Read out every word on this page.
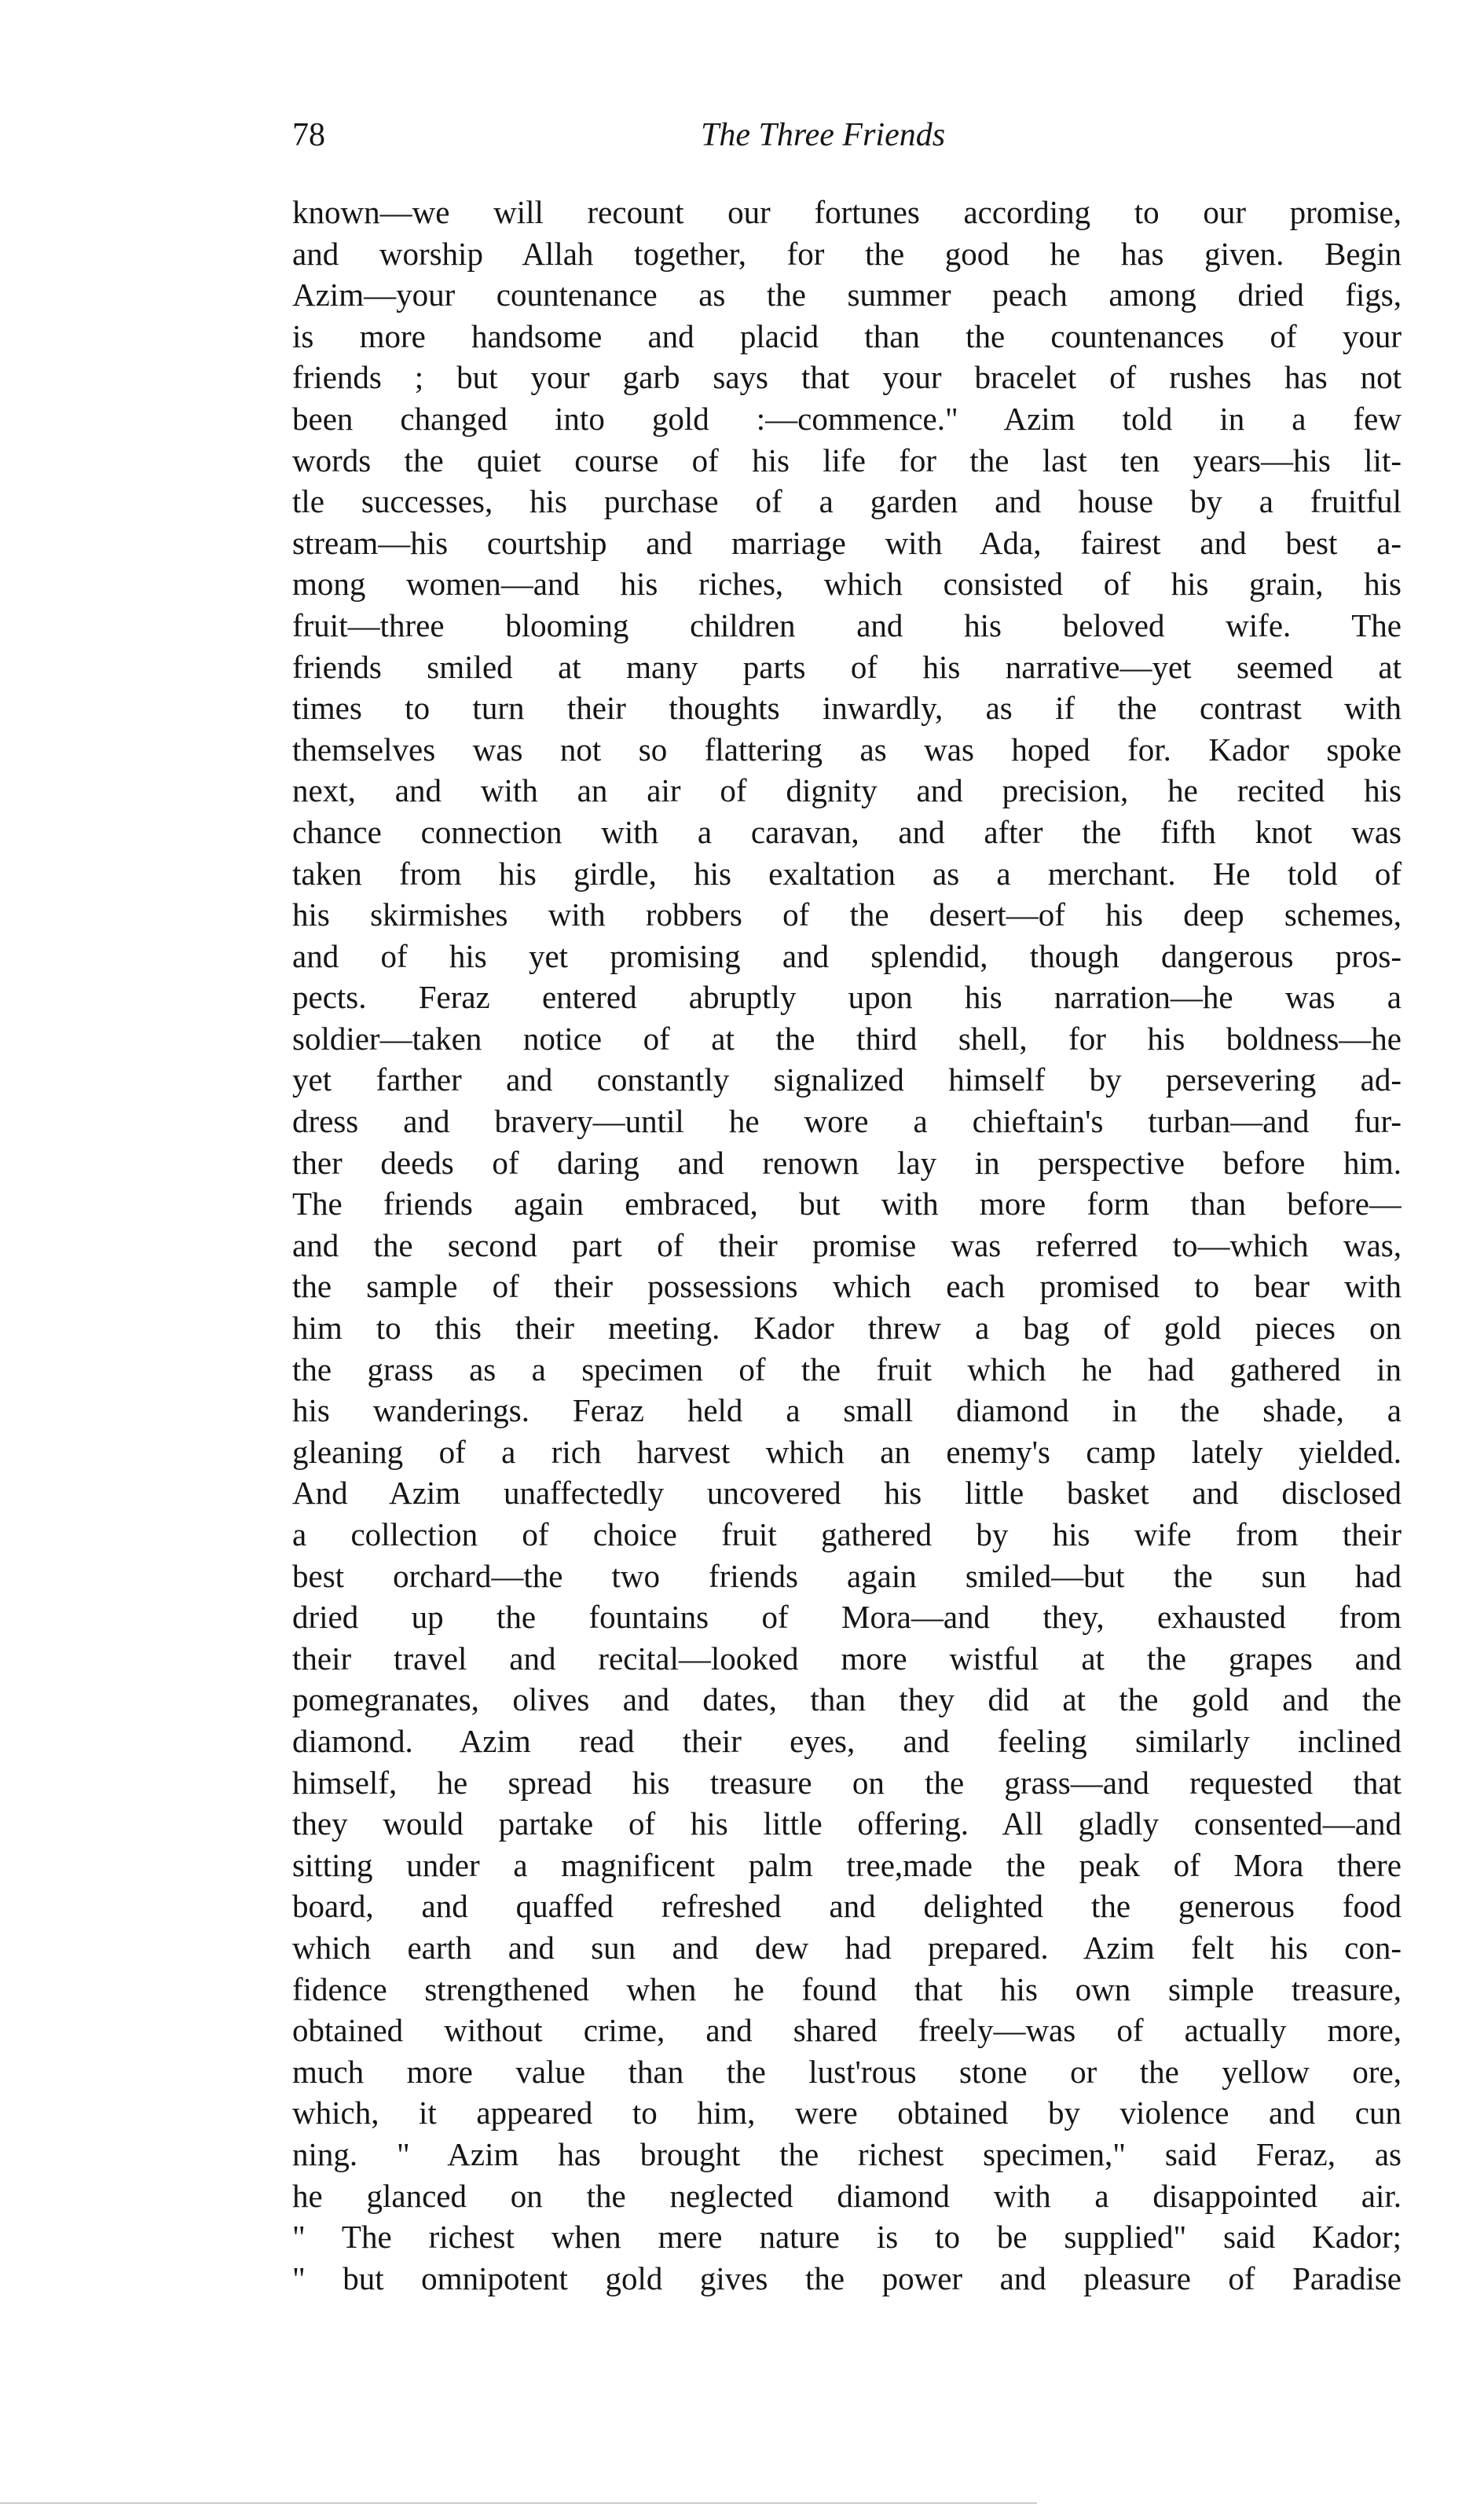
78	The Three Friends
known—we will recount our fortunes according to our promise,
and worship Allah together, for the good he has given. Begin
Azim—your countenance as the summer peach among dried figs,
is more handsome and placid than the countenances of your
friends ; but your garb says that your bracelet of rushes has not
been changed into gold :—commence." Azim told in a few
words the quiet course of his life for the last ten years—his lit-
tle successes, his purchase of a garden and house by a fruitful
stream—his courtship and marriage with Ada, fairest and best a-
mong women—and his riches, which consisted of his grain, his
fruit—three blooming children and his beloved wife. The
friends smiled at many parts of his narrative—yet seemed at
times to turn their thoughts inwardly, as if the contrast with
themselves was not so flattering as was hoped for. Kador spoke
next, and with an air of dignity and precision, he recited his
chance connection with a caravan, and after the fifth knot was
taken from his girdle, his exaltation as a merchant. He told of
his skirmishes with robbers of the desert—of his deep schemes,
and of his yet promising and splendid, though dangerous pros-
pects. Feraz entered abruptly upon his narration—he was a
soldier—taken notice of at the third shell, for his boldness—he
yet farther and constantly signalized himself by persevering ad-
dress and bravery—until he wore a chieftain's turban—and fur-
ther deeds of daring and renown lay in perspective before him.
The friends again embraced, but with more form than before—
and the second part of their promise was referred to—which was,
the sample of their possessions which each promised to bear with
him to this their meeting. Kador threw a bag of gold pieces on
the grass as a specimen of the fruit which he had gathered in
his wanderings. Feraz held a small diamond in the shade, a
gleaning of a rich harvest which an enemy's camp lately yielded.
And Azim unaffectedly uncovered his little basket and disclosed
a collection of choice fruit gathered by his wife from their
best orchard—the two friends again smiled—but the sun had
dried up the fountains of Mora—and they, exhausted from
their travel and recital—looked more wistful at the grapes and
pomegranates, olives and dates, than they did at the gold and the
diamond. Azim read their eyes, and feeling similarly inclined
himself, he spread his treasure on the grass—and requested that
they would partake of his little offering. All gladly consented—and
sitting under a magnificent palm tree,made the peak of Mora there
board, and quaffed refreshed and delighted the generous food
which earth and sun and dew had prepared. Azim felt his con-
fidence strengthened when he found that his own simple treasure,
obtained without crime, and shared freely—was of actually more,
much more value than the lust'rous stone or the yellow ore,
which, it appeared to him, were obtained by violence and cun
ning. " Azim has brought the richest specimen," said Feraz, as
he glanced on the neglected diamond with a disappointed air.
" The richest when mere nature is to be supplied" said Kador;
" but omnipotent gold gives the power and pleasure of Paradise
